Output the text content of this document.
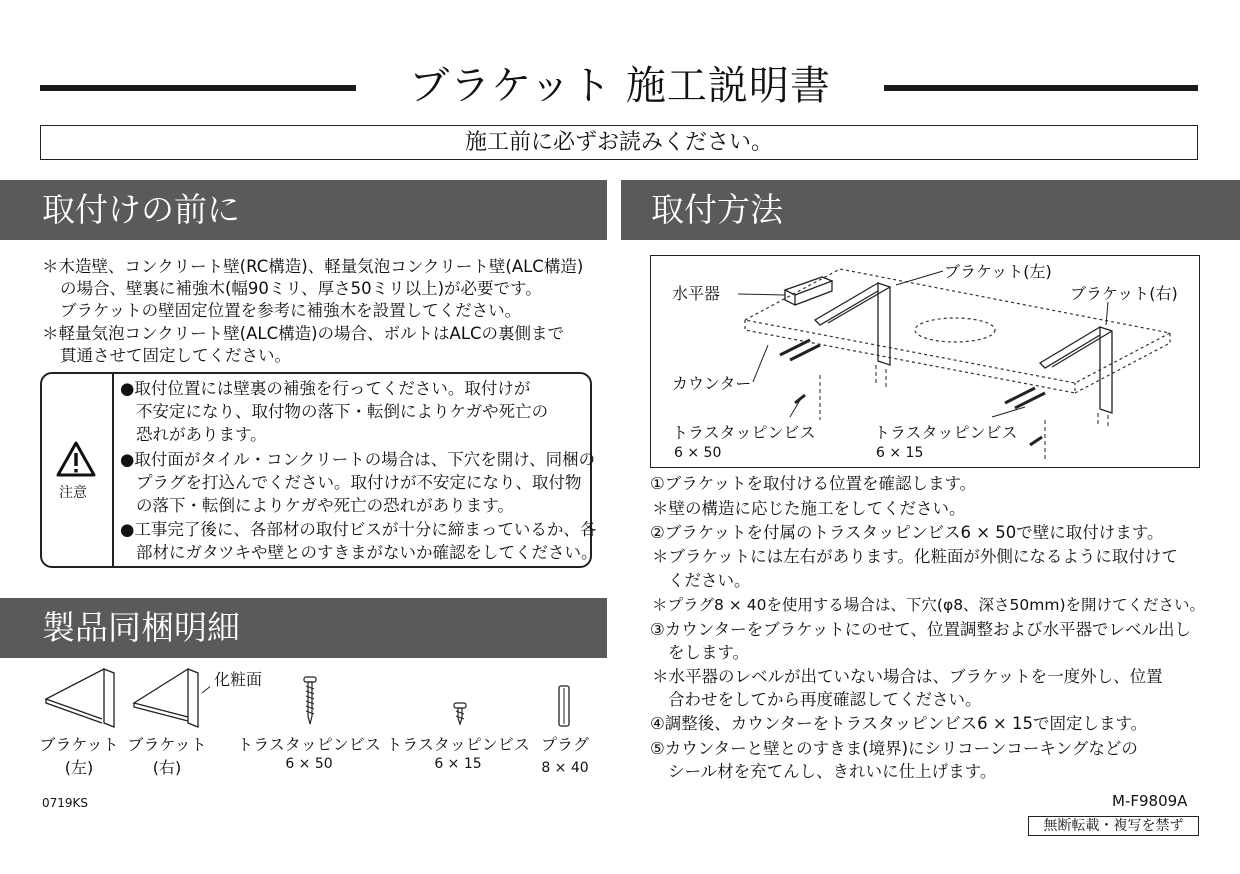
ブラケット 施工説明書
施工前に必ずお読みください。
取付けの前に	取付方法
製品同梱明細
＊木造壁、コンクリート壁(RC構造)、軽量気泡コンクリート壁(ALC構造)
の場合、壁裏に補強木(幅90ミリ、厚さ50ミリ以上)が必要です。
ブラケットの壁固定位置を参考に補強木を設置してください。
＊軽量気泡コンクリート壁(ALC構造)の場合、ボルトはALCの裏側まで
貫通させて固定してください。
注意
●取付位置には壁裏の補強を行ってください。取付けが
不安定になり、取付物の落下・転倒によりケガや死亡の
恐れがあります。
●取付面がタイル・コンクリートの場合は、下穴を開け、同梱の
プラグを打込んでください。取付けが不安定になり、取付物
の落下・転倒によりケガや死亡の恐れがあります。
●工事完了後に、各部材の取付ビスが十分に締まっているか、各
部材にガタツキや壁とのすきまがないか確認をしてください。
水平器
ブラケット(左)
ブラケット(右)
カウンター
トラスタッピンビス
6 × 50
トラスタッピンビス
6 × 15
①ブラケットを取付ける位置を確認します。
＊壁の構造に応じた施工をしてください。
②ブラケットを付属のトラスタッピンビス6 × 50で壁に取付けます。
＊ブラケットには左右があります。化粧面が外側になるように取付けて
ください。
＊プラグ8 × 40を使用する場合は、下穴(φ8、深さ50mm)を開けてください。
③カウンターをブラケットにのせて、位置調整および水平器でレベル出し
をします。
＊水平器のレベルが出ていない場合は、ブラケットを一度外し、位置
合わせをしてから再度確認してください。
④調整後、カウンターをトラスタッピンビス6 × 15で固定します。
⑤カウンターと壁とのすきま(境界)にシリコーンコーキングなどの
シール材を充てんし、きれいに仕上げます。
化粧面
ブラケット
(左)
ブラケット
(右)
トラスタッピンビス
6 × 50
トラスタッピンビス
6 × 15
プラグ
8 × 40
0719KS	M-F9809A
無断転載・複写を禁ず
